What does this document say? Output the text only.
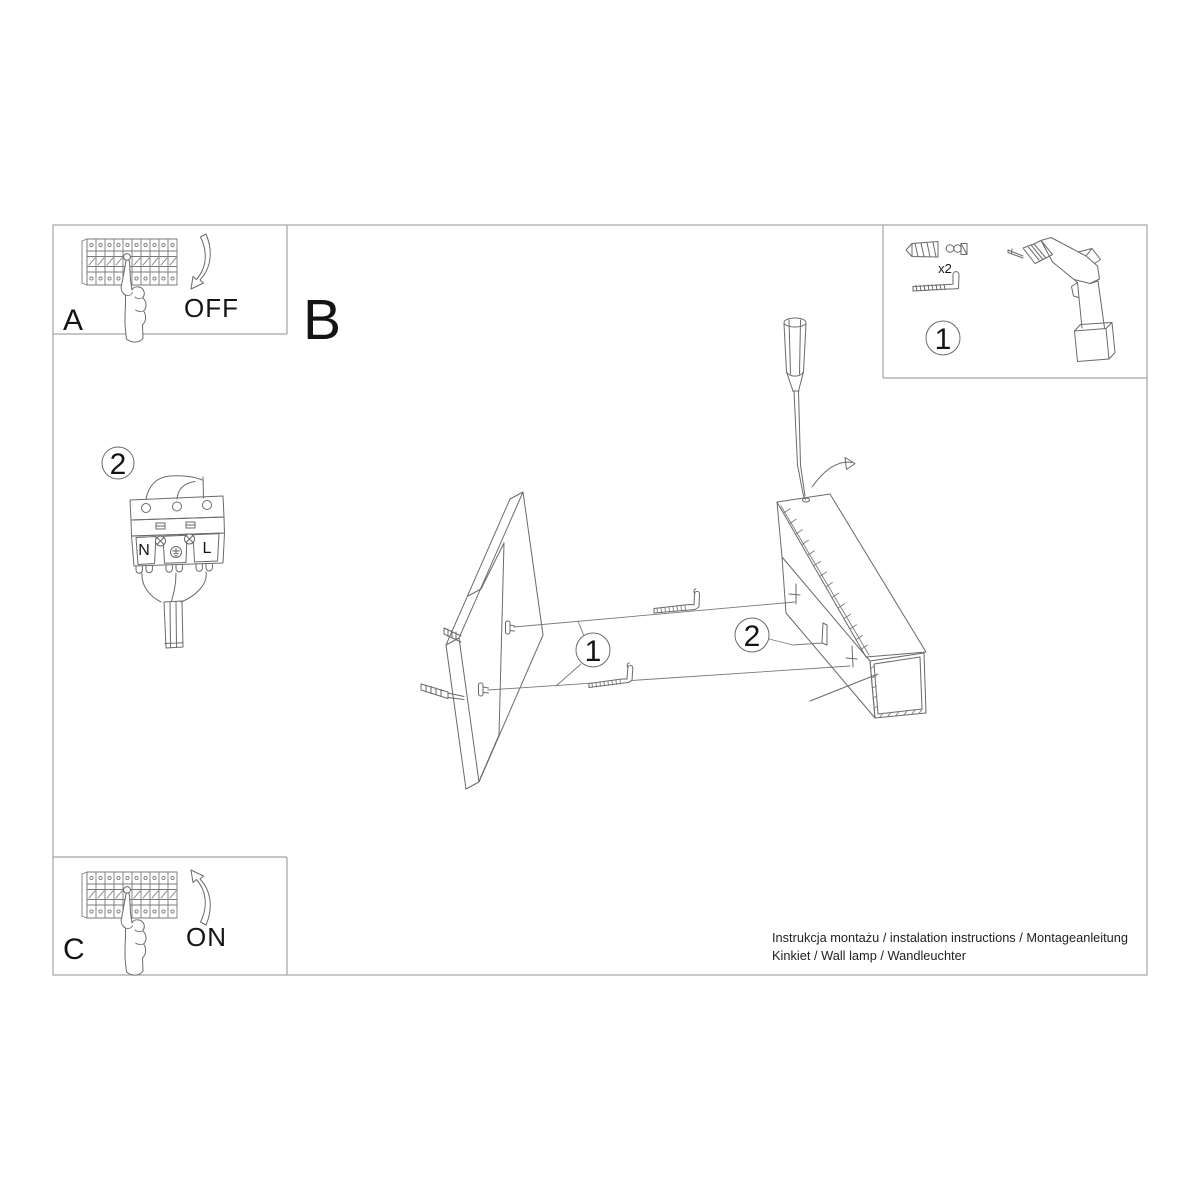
A	OFF B
x2
1
2
N	L
1	2
C	ON	Instrukcja montażu / instalation instructions / Montageanleitung
Kinkiet / Wall lamp / Wandleuchter
